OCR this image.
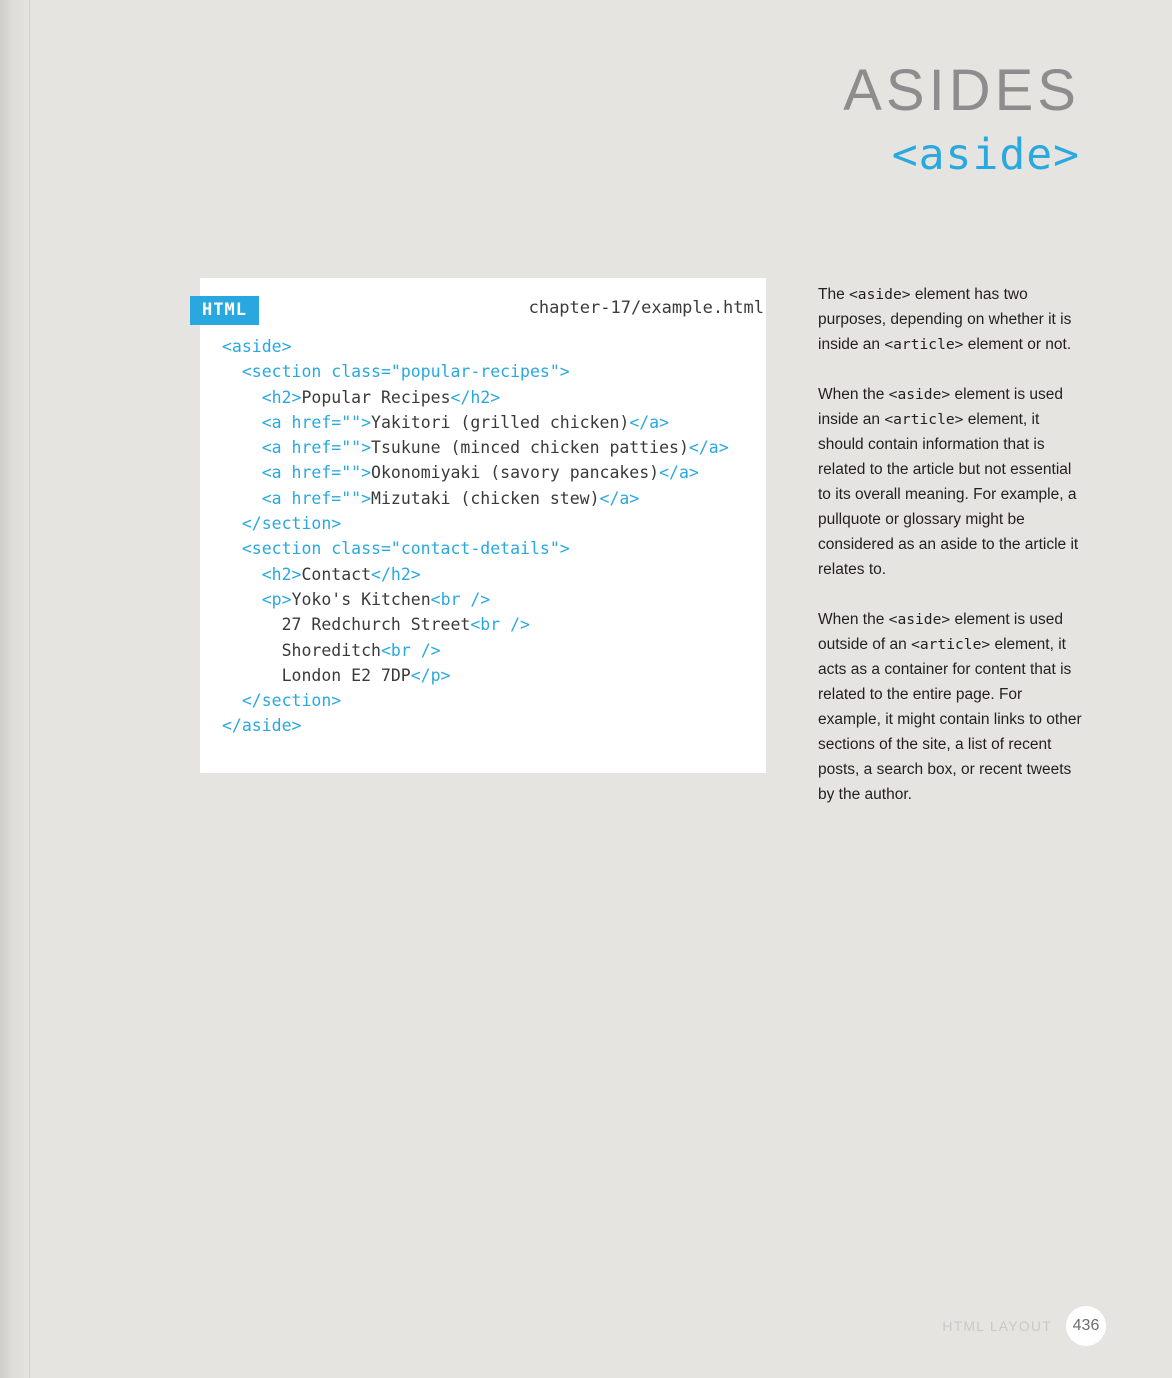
ASIDES
<aside>
HTML	chapter-17/example.html
<aside>
<section class="popular-recipes">
<h2>Popular Recipes</h2>
<a href="">Yakitori (grilled chicken)</a>
<a href="">Tsukune (minced chicken patties)</a>
<a href="">Okonomiyaki (savory pancakes)</a>
<a href="">Mizutaki (chicken stew)</a>
</section>
<section class="contact-details">
<h2>Contact</h2>
<p>Yoko's Kitchen<br />
27 Redchurch Street<br />
Shoreditch<br />
London E2 7DP</p>
</section>
</aside>

The <aside> element has two purposes, depending on whether it is inside an <article> element or not.

When the <aside> element is used inside an <article> element, it should contain information that is related to the article but not essential to its overall meaning. For example, a pullquote or glossary might be considered as an aside to the article it relates to.

When the <aside> element is used outside of an <article> element, it acts as a container for content that is related to the entire page. For example, it might contain links to other sections of the site, a list of recent posts, a search box, or recent tweets by the author.

HTML LAYOUT	436
